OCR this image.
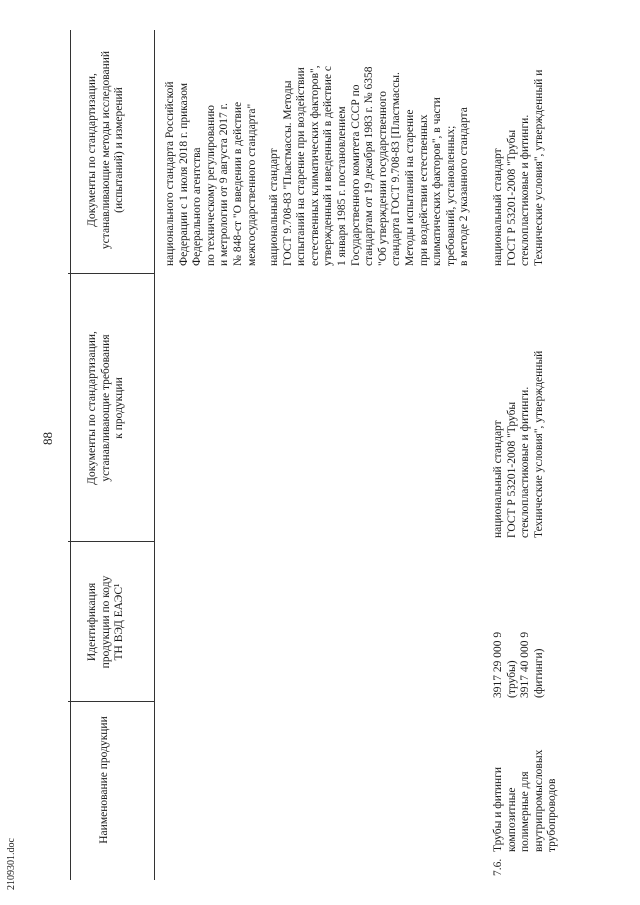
88
2109301.doc
Наименование продукции
Идентификация
продукции по коду
ТН ВЭД ЕАЭС¹
Документы по стандартизации,
устанавливающие требования
к продукции
Документы по стандартизации,
устанавливающие методы исследований
(испытаний) и измерений
национального стандарта Российской
Федерации с 1 июля 2018 г. приказом
Федерального агентства
по техническому регулированию
и метрологии от 9 августа 2017 г.
№ 848-ст "О введении в действие
межгосударственного стандарта"
национальный стандарт
ГОСТ 9.708-83 "Пластмассы. Методы
испытаний на старение при воздействии
естественных климатических факторов",
утвержденный и введенный в действие с
1 января 1985 г. постановлением
Государственного комитета СССР по
стандартам от 19 декабря 1983 г. № 6358
"Об утверждении государственного
стандарта ГОСТ 9.708-83 [Пластмассы.
Методы испытаний на старение
при воздействии естественных
климатических факторов", в части
требований, установленных;
в методе 2 указанного стандарта
7.6.
Трубы и фитинги композитные
полимерные для
внутрипромысловых
трубопроводов
3917 29 000 9
(трубы)
3917 40 000 9
(фитинги)
национальный стандарт
ГОСТ Р 53201-2008 "Трубы
стеклопластиковые и фитинги.
Технические условия", утвержденный
национальный стандарт
ГОСТ Р 53201-2008 "Трубы
стеклопластиковые и фитинги.
Технические условия", утвержденный и
